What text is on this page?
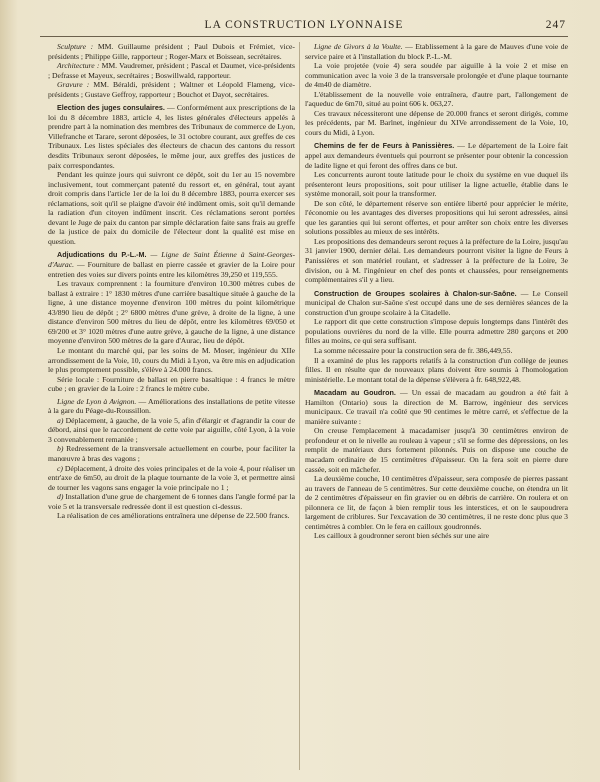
LA CONSTRUCTION LYONNAISE	247

Sculpture : MM. Guillaume président ; Paul Dubois et Frémiet, vice-présidents ; Philippe Gille, rapporteur ; Roger-Marx et Boissean, secrétaires.

Architecture : MM. Vaudremer, président ; Pascal et Daumet, vice-présidents ; Defrasse et Mayeux, secrétaires ; Boswillwald, rapporteur.

Gravure : MM. Béraldi, président ; Waltner et Léopold Flameng, vice-présidents ; Gustave Geffroy, rapporteur ; Bouchot et Dayot, secrétaires.

Election des juges consulaires. — Conformément aux prescriptions de la loi du 8 décembre 1883, article 4, les listes générales d'électeurs appelés à prendre part à la nomination des membres des Tribunaux de commerce de Lyon, Villefranche et Tarare, seront déposées, le 31 octobre courant, aux greffes de ces Tribunaux. Les listes spéciales des électeurs de chacun des cantons du ressort desdits Tribunaux seront déposées, le même jour, aux greffes des justices de paix correspondantes.

Pendant les quinze jours qui suivront ce dépôt, soit du 1er au 15 novembre inclusivement, tout commerçant patenté du ressort et, en général, tout ayant droit compris dans l'article 1er de la loi du 8 décembre 1883, pourra exercer ses réclamations, soit qu'il se plaigne d'avoir été indûment omis, soit qu'il demande la radiation d'un citoyen indûment inscrit. Ces réclamations seront portées devant le Juge de paix du canton par simple déclaration faite sans frais au greffe de la justice de paix du domicile de l'électeur dont la qualité est mise en question.

Adjudications du P.-L.-M. — Ligne de Saint Étienne à Saint-Georges-d'Aurac. — Fourniture de ballast en pierre cassée et gravier de la Loire pour entretien des voies sur divers points entre les kilomètres 39,250 et 119,555.

Les travaux comprennent : la fourniture d'environ 10.300 mètres cubes de ballast à extraire : 1° 1830 mètres d'une carrière basaltique située à gauche de la ligne, à une distance moyenne d'environ 100 mètres du point kilométrique 43/890 lieu de dépôt ; 2° 6800 mètres d'une grève, à droite de la ligne, à une distance d'environ 500 mètres du lieu de dépôt, entre les kilomètres 69/050 et 69/200 et 3° 1020 mètres d'une autre grève, à gauche de la ligne, à une distance moyenne d'environ 500 mètres de la gare d'Aurac, lieu de dépôt.

Le montant du marché qui, par les soins de M. Moser, ingénieur du XIIe arrondissement de la Voie, 10, cours du Midi à Lyon, va être mis en adjudication le plus promptement possible, s'élève à 24.000 francs.

Série locale : Fourniture de ballast en pierre basaltique : 4 francs le mètre cube ; en gravier de la Loire : 2 francs le mètre cube.

Ligne de Lyon à Avignon. — Améliorations des installations de petite vitesse à la gare du Péage-du-Roussillon.

a) Déplacement, à gauche, de la voie 5, afin d'élargir et d'agrandir la cour de débord, ainsi que le raccordement de cette voie par aiguille, côté Lyon, à la voie 3 convenablement remaniée ;

b) Redressement de la transversale actuellement en courbe, pour faciliter la manœuvre à bras des vagons ;

c) Déplacement, à droite des voies principales et de la voie 4, pour réaliser un entr'axe de 6m50, au droit de la plaque tournante de la voie 3, et permettre ainsi de tourner les vagons sans engager la voie principale no 1 ;

d) Installation d'une grue de chargement de 6 tonnes dans l'angle formé par la voie 5 et la transversale redressée dont il est question ci-dessus.

La réalisation de ces améliorations entraînera une dépense de 22.500 francs.

Ligne de Givors à la Voulte. — Etablissement à la gare de Mauves d'une voie de service paire et à l'installation du block P.-L.-M.

La voie projetée (voie 4) sera soudée par aiguille à la voie 2 et mise en communication avec la voie 3 de la transversale prolongée et d'une plaque tournante de 4m40 de diamètre.

L'établissement de la nouvelle voie entraînera, d'autre part, l'allongement de l'aqueduc de 6m70, situé au point 606 k. 063,27.

Ces travaux nécessiteront une dépense de 20.000 francs et seront dirigés, comme les précédents, par M. Barlnet, ingénieur du XIVe arrondissement de la Voie, 10, cours du Midi, à Lyon.

Chemins de fer de Feurs à Panissières. — Le département de la Loire fait appel aux demandeurs éventuels qui pourront se présenter pour obtenir la concession de ladite ligne et qui feront des offres dans ce but.

Les concurrents auront toute latitude pour le choix du système en vue duquel ils présenteront leurs propositions, soit pour utiliser la ligne actuelle, établie dans le système monorail, soit pour la transformer.

De son côté, le département réserve son entière liberté pour apprécier le mérite, l'économie ou les avantages des diverses propositions qui lui seront adressées, ainsi que les garanties qui lui seront offertes, et pour arrêter son choix entre les diverses solutions possibles au mieux de ses intérêts.

Les propositions des demandeurs seront reçues à la préfecture de la Loire, jusqu'au 31 janvier 1900, dernier délai. Les demandeurs pourront visiter la ligne de Feurs à Panissières et son matériel roulant, et s'adresser à la préfecture de la Loire, 3e division, ou à M. l'ingénieur en chef des ponts et chaussées, pour renseignements complémentaires s'il y a lieu.

Construction de Groupes scolaires à Chalon-sur-Saône. — Le Conseil municipal de Chalon sur-Saône s'est occupé dans une de ses dernières séances de la construction d'un groupe scolaire à la Citadelle.

Le rapport dit que cette construction s'impose depuis longtemps dans l'intérêt des populations ouvrières du nord de la ville. Elle pourra admettre 280 garçons et 200 filles au moins, ce qui sera suffisant.

La somme nécessaire pour la construction sera de fr. 386,449,55.

Il a examiné de plus les rapports relatifs à la construction d'un collège de jeunes filles. Il en résulte que de nouveaux plans doivent être soumis à l'homologation ministérielle. Le montant total de la dépense s'élèvera à fr. 648,922,48.

Macadam au Goudron. — Un essai de macadam au goudron a été fait à Hamilton (Ontario) sous la direction de M. Barrow, ingénieur des services municipaux. Ce travail n'a coûté que 90 centimes le mètre carré, et s'effectue de la manière suivante :

On creuse l'emplacement à macadamiser jusqu'à 30 centimètres environ de profondeur et on le nivelle au rouleau à vapeur ; s'il se forme des dépressions, on les remplit de matériaux durs fortement pilonnés. Puis on dispose une couche de macadam ordinaire de 15 centimètres d'épaisseur. On la fera soit en pierre dure cassée, soit en mâchefer.

La deuxième couche, 10 centimètres d'épaisseur, sera composée de pierres passant au travers de l'anneau de 5 centimètres. Sur cette deuxième couche, on étendra un lit de 2 centimètres d'épaisseur en fin gravier ou en débris de carrière. On roulera et on pilonnera ce lit, de façon à bien remplir tous les interstices, et on le saupoudrera largement de criblures. Sur l'excavation de 30 centimètres, il ne reste donc plus que 3 centimètres à combler. On le fera en cailloux goudronnés.

Les cailloux à goudronner seront bien séchés sur une aire
